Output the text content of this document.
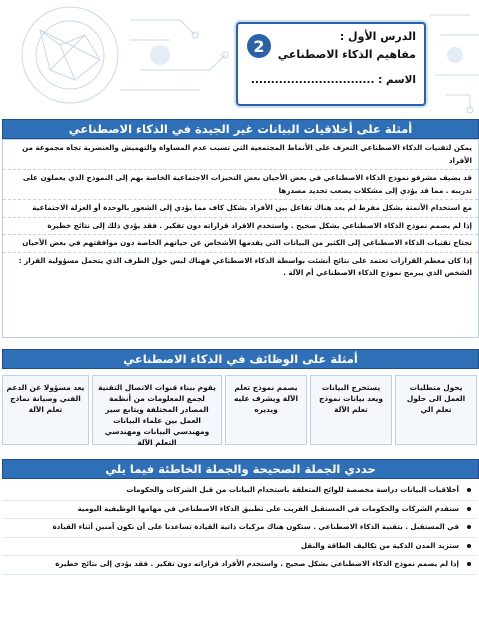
2	الدرس الأول :
مفاهيم الذكاء الاصطناعي
الاسم : ...............................
أمثلة على أخلاقيات البيانات غير الجيدة في الذكاء الاصطناعي
يمكن لتقنيات الذكاء الاصطناعي التعرف على الأنماط المجتمعية التي تسبب عدم المساواة والتهميش والعنصرية تجاه مجموعة من الأفراد
قد يضيف مشرفو نموذج الذكاء الاصطناعي في بعض الأحيان بعض التحيزات الاجتماعية الخاصة بهم إلى النموذج الذي يعملون على تدريبه . مما قد يؤدي إلى مشكلات يصعب تحديد مصدرها
مع استخدام الأتمتة بشكل مفرط لم يعد هناك تفاعل بين الأفراد بشكل كاف مما يؤدي إلى الشعور بالوحدة أو العزلة الاجتماعية
إذا لم يصمم نموذج الذكاء الاصطناعي بشكل صحيح . واستخدم الافراد قراراته دون تفكير . فقد يؤدي ذلك إلى نتائج خطيرة
تحتاج تقنيات الذكاء الاصطناعي إلى الكثير من البيانات التي يقدمها الأشخاص عن حياتهم الخاصة دون موافقتهم في بعض الأحيان
إذا كان معظم القرارات تعتمد على نتائج أنشئت بواسطة الذكاء الاصطناعي فهناك لبس حول الطرف الذي يتحمل مسؤولية القرار : الشخص الذي يبرمج نموذج الذكاء الاصطناعي أم الآلة .
أمثلة على الوظائف في الذكاء الاصطناعي
يحول متطلبات العمل الى حلول تعلم الي
يستخرج البيانات ويعد بيانات نموذج تعلم الآلة
يصمم نموذج تعلم الآلة ويشرف عليه ويديره
يقوم ببناء قنوات الاتصال التقنية لجمع المعلومات من أنظمة المصادر المختلفة ويتابع سير العمل بين علماء البيانات ومهندسي البيانات ومهندسي التعلم الآلة
يعد مسؤولا عن الدعم الفني وصيانة نماذج تعلم الآلة
حددي الجملة الصحيحة والجملة الخاطئة فيما يلي
أخلاقيات البيانات دراسة مخصصة للوائح المتعلقة باستخدام البيانات من قبل الشركات والحكومات
ستقدم الشركات والحكومات في المستقبل القريب على تطبيق الذكاء الاصطناعي في مهامها الوظيفية اليومية
في المستقبل . بتقنية الذكاء الاصطناعي . ستكون هناك مركبات ذاتية القيادة تساعدنا على أن نكون آمنين أثناء القيادة
ستزيد المدن الذكية من تكاليف الطاقة والنقل
إذا لم يصمم نموذج الذكاء الاصطناعي بشكل صحيح . واستخدم الأفراد قراراته دون تفكير . فقد يؤدي إلى نتائج خطيرة
